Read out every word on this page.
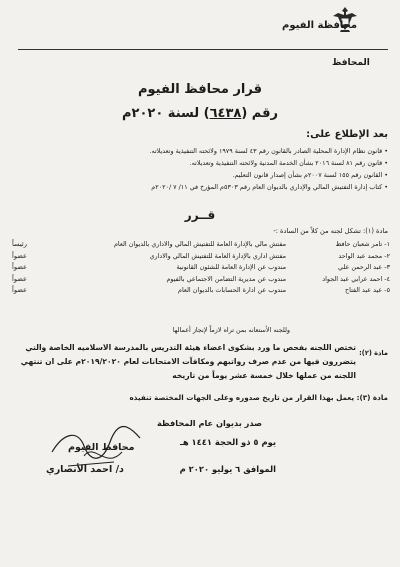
محافظة الفيوم
المحافظ
قرار محافظ الفيوم
رقم (٦٤٣٨) لسنة ٢٠٢٠م
بعد الإطلاع على:
• قانون نظام الإدارة المحلية الصادر بالقانون رقم ٤٣ لسنة ١٩٧٩ ولائحته التنفيذية وتعديلاته.
• قانون رقم ٨١ لسنة ٢٠١٦ بشأن الخدمة المدنية ولائحته التنفيذية وتعديلاته.
• القانون رقم ١٥٥ لسنة ٢٠٠٧م بشأن إصدار قانون التعليم.
• كتاب إدارة التفتيش المالي والإداري بالديوان العام رقم ٥٣٠٣م المؤرخ في ١١/ ٧ /٢٠٢٠م
قــرر
مادة (١): تشكل لجنه من كلاً من السادة :-
١- تامر شعبان حافظ
مفتش مالي بالإدارة العامة للتفتيش المالي والاداري بالديوان العام
رئيساً
٢- محمد عبد الواحد
مفتش اداري بالإدارة العامة للتفتيش المالي والاداري
عضواً
٣- عبد الرحمن علي
مندوب عن الإدارة العامة للشئون القانونية
عضواً
٤- احمد عرابي عبد الجواد
مندوب عن مديرية التضامن الاجتماعي بالفيوم
عضواً
٥- عيد عبد الفتاح
مندوب عن ادارة الحسابات بالديوان العام
عضواً
وللجنه الأستعانه بمن تراه لازماً لإنجاز أعمالها
مادة (٢):
تختص اللجنه بفحص ما ورد بشكوى اعضاء هيئة التدريس بالمدرسة الاسلاميه الخاصة والتي يتضررون فيها من عدم صرف رواتبهم ومكافآت الامتحانات لعام ٢٠١٩/٢٠٢٠م على ان تنتهي اللجنه من عملها خلال خمسة عشر يوماً من تاريخه
مادة (٣): يعمل بهذا القرار من تاريخ صدوره وعلى الجهات المختصة تنفيذه
صدر بديوان عام المحافظة
يوم ٥ ذو الحجة ١٤٤١ هـ
الموافق ٦ يوليو ٢٠٢٠ م
محافظ الفيوم
د/ احمد الأنصاري
